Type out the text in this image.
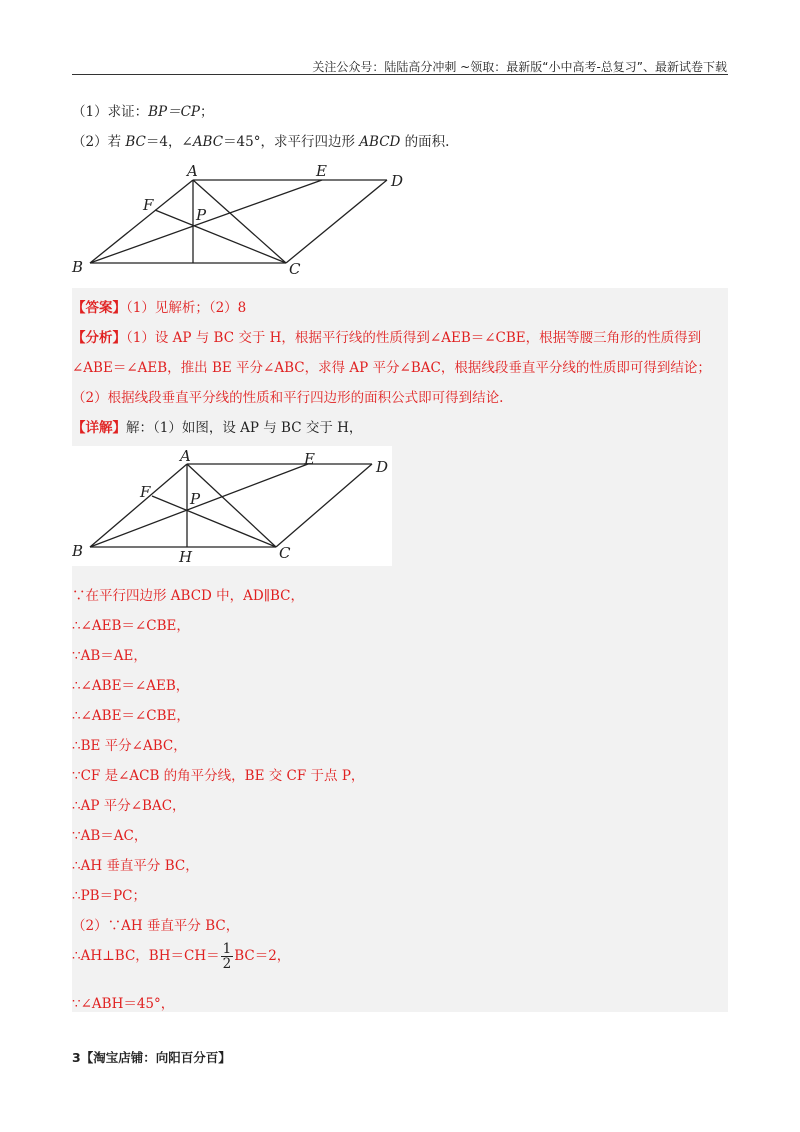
关注公众号：陆陆高分冲刺 ~领取：最新版“小中高考-总复习”、最新试卷下载
（1）求证：BP＝CP；
（2）若 BC＝4，∠ABC＝45°，求平行四边形 ABCD 的面积.
A	E
D
F
P
B	C
【答案】（1）见解析；（2）8
【分析】（1）设 AP 与 BC 交于 H，根据平行线的性质得到∠AEB＝∠CBE，根据等腰三角形的性质得到
∠ABE＝∠AEB，推出 BE 平分∠ABC，求得 AP 平分∠BAC，根据线段垂直平分线的性质即可得到结论；
（2）根据线段垂直平分线的性质和平行四边形的面积公式即可得到结论.
【详解】解：（1）如图，设 AP 与 BC 交于 H，
A	E	D
F	P
B	C
H
∵在平行四边形 ABCD 中，AD∥BC，
∴∠AEB＝∠CBE，
∵AB＝AE，
∴∠ABE＝∠AEB，
∴∠ABE＝∠CBE，
∴BE 平分∠ABC，
∵CF 是∠ACB 的角平分线，BE 交 CF 于点 P，
∴AP 平分∠BAC，
∵AB＝AC，
∴AH 垂直平分 BC，
∴PB＝PC；
（2）∵AH 垂直平分 BC，
∴AH⊥BC，$BH=CH= \frac{1}{2} BC=2$，
∵∠ABH＝45°，
3【淘宝店铺：向阳百分百】
